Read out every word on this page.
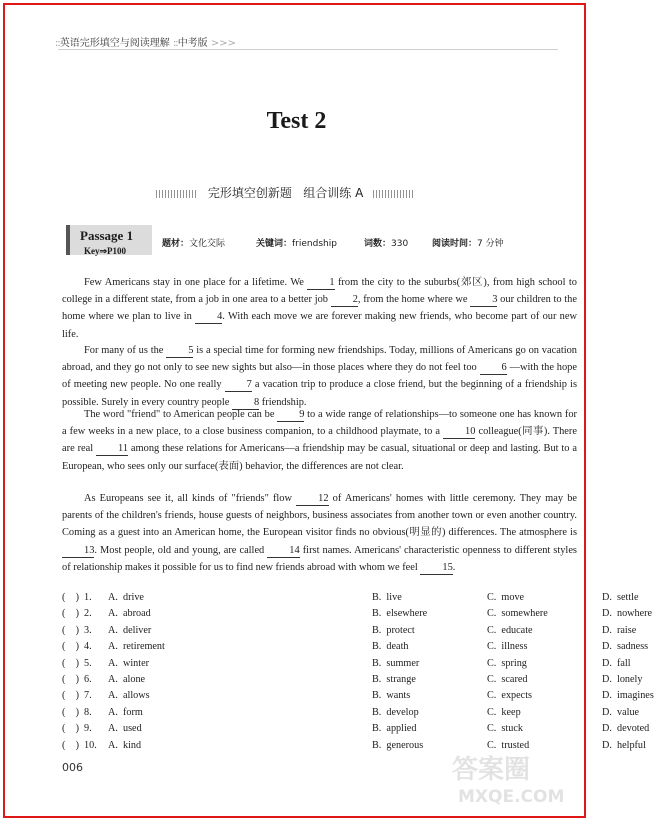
::英语完形填空与阅读理解 ::中考版 >>>
Test 2
完形填空创新题 组合训练 A
Passage 1
Key⇒P100
题材：文化交际	关键词：friendship	词数：330	阅读时间：7 分钟
Few Americans stay in one place for a lifetime. We 1 from the city to the suburbs(郊区), from high school to college in a different state, from a job in one area to a better job 2, from the home where we 3 our children to the home where we plan to live in 4. With each move we are forever making new friends, who become part of our new life.
For many of us the 5 is a special time for forming new friendships. Today, millions of Americans go on vacation abroad, and they go not only to see new sights but also—in those places where they do not feel too 6 —with the hope of meeting new people. No one really 7 a vacation trip to produce a close friend, but the beginning of a friendship is possible. Surely in every country people 8 friendship.
The word "friend" to American people can be 9 to a wide range of relationships—to someone one has known for a few weeks in a new place, to a close business companion, to a childhood playmate, to a 10 colleague(同事). There are real 11 among these relations for Americans—a friendship may be casual, situational or deep and lasting. But to a European, who sees only our surface(表面) behavior, the differences are not clear.
As Europeans see it, all kinds of "friends" flow 12 of Americans' homes with little ceremony. They may be parents of the children's friends, house guests of neighbors, business associates from another town or even another country. Coming as a guest into an American home, the European visitor finds no obvious(明显的) differences. The atmosphere is 13. Most people, old and young, are called 14 first names. Americans' characteristic openness to different styles of relationship makes it possible for us to find new friends abroad with whom we feel 15.
(    ) 1. A.  drive	B.  live	C.  move	D.  settle
(    ) 2. A.  abroad	B.  elsewhere	C.  somewhere	D.  nowhere
(    ) 3. A.  deliver	B.  protect	C.  educate	D.  raise
(    ) 4. A.  retirement	B.  death	C.  illness	D.  sadness
(    ) 5. A.  winter	B.  summer	C.  spring	D.  fall
(    ) 6. A.  alone	B.  strange	C.  scared	D.  lonely
(    ) 7. A.  allows	B.  wants	C.  expects	D.  imagines
(    ) 8. A.  form	B.  develop	C.  keep	D.  value
(    ) 9. A.  used	B.  applied	C.  stuck	D.  devoted
(    ) 10. A.  kind	B.  generous	C.  trusted	D.  helpful
006	答案圈
MXQE.COM
